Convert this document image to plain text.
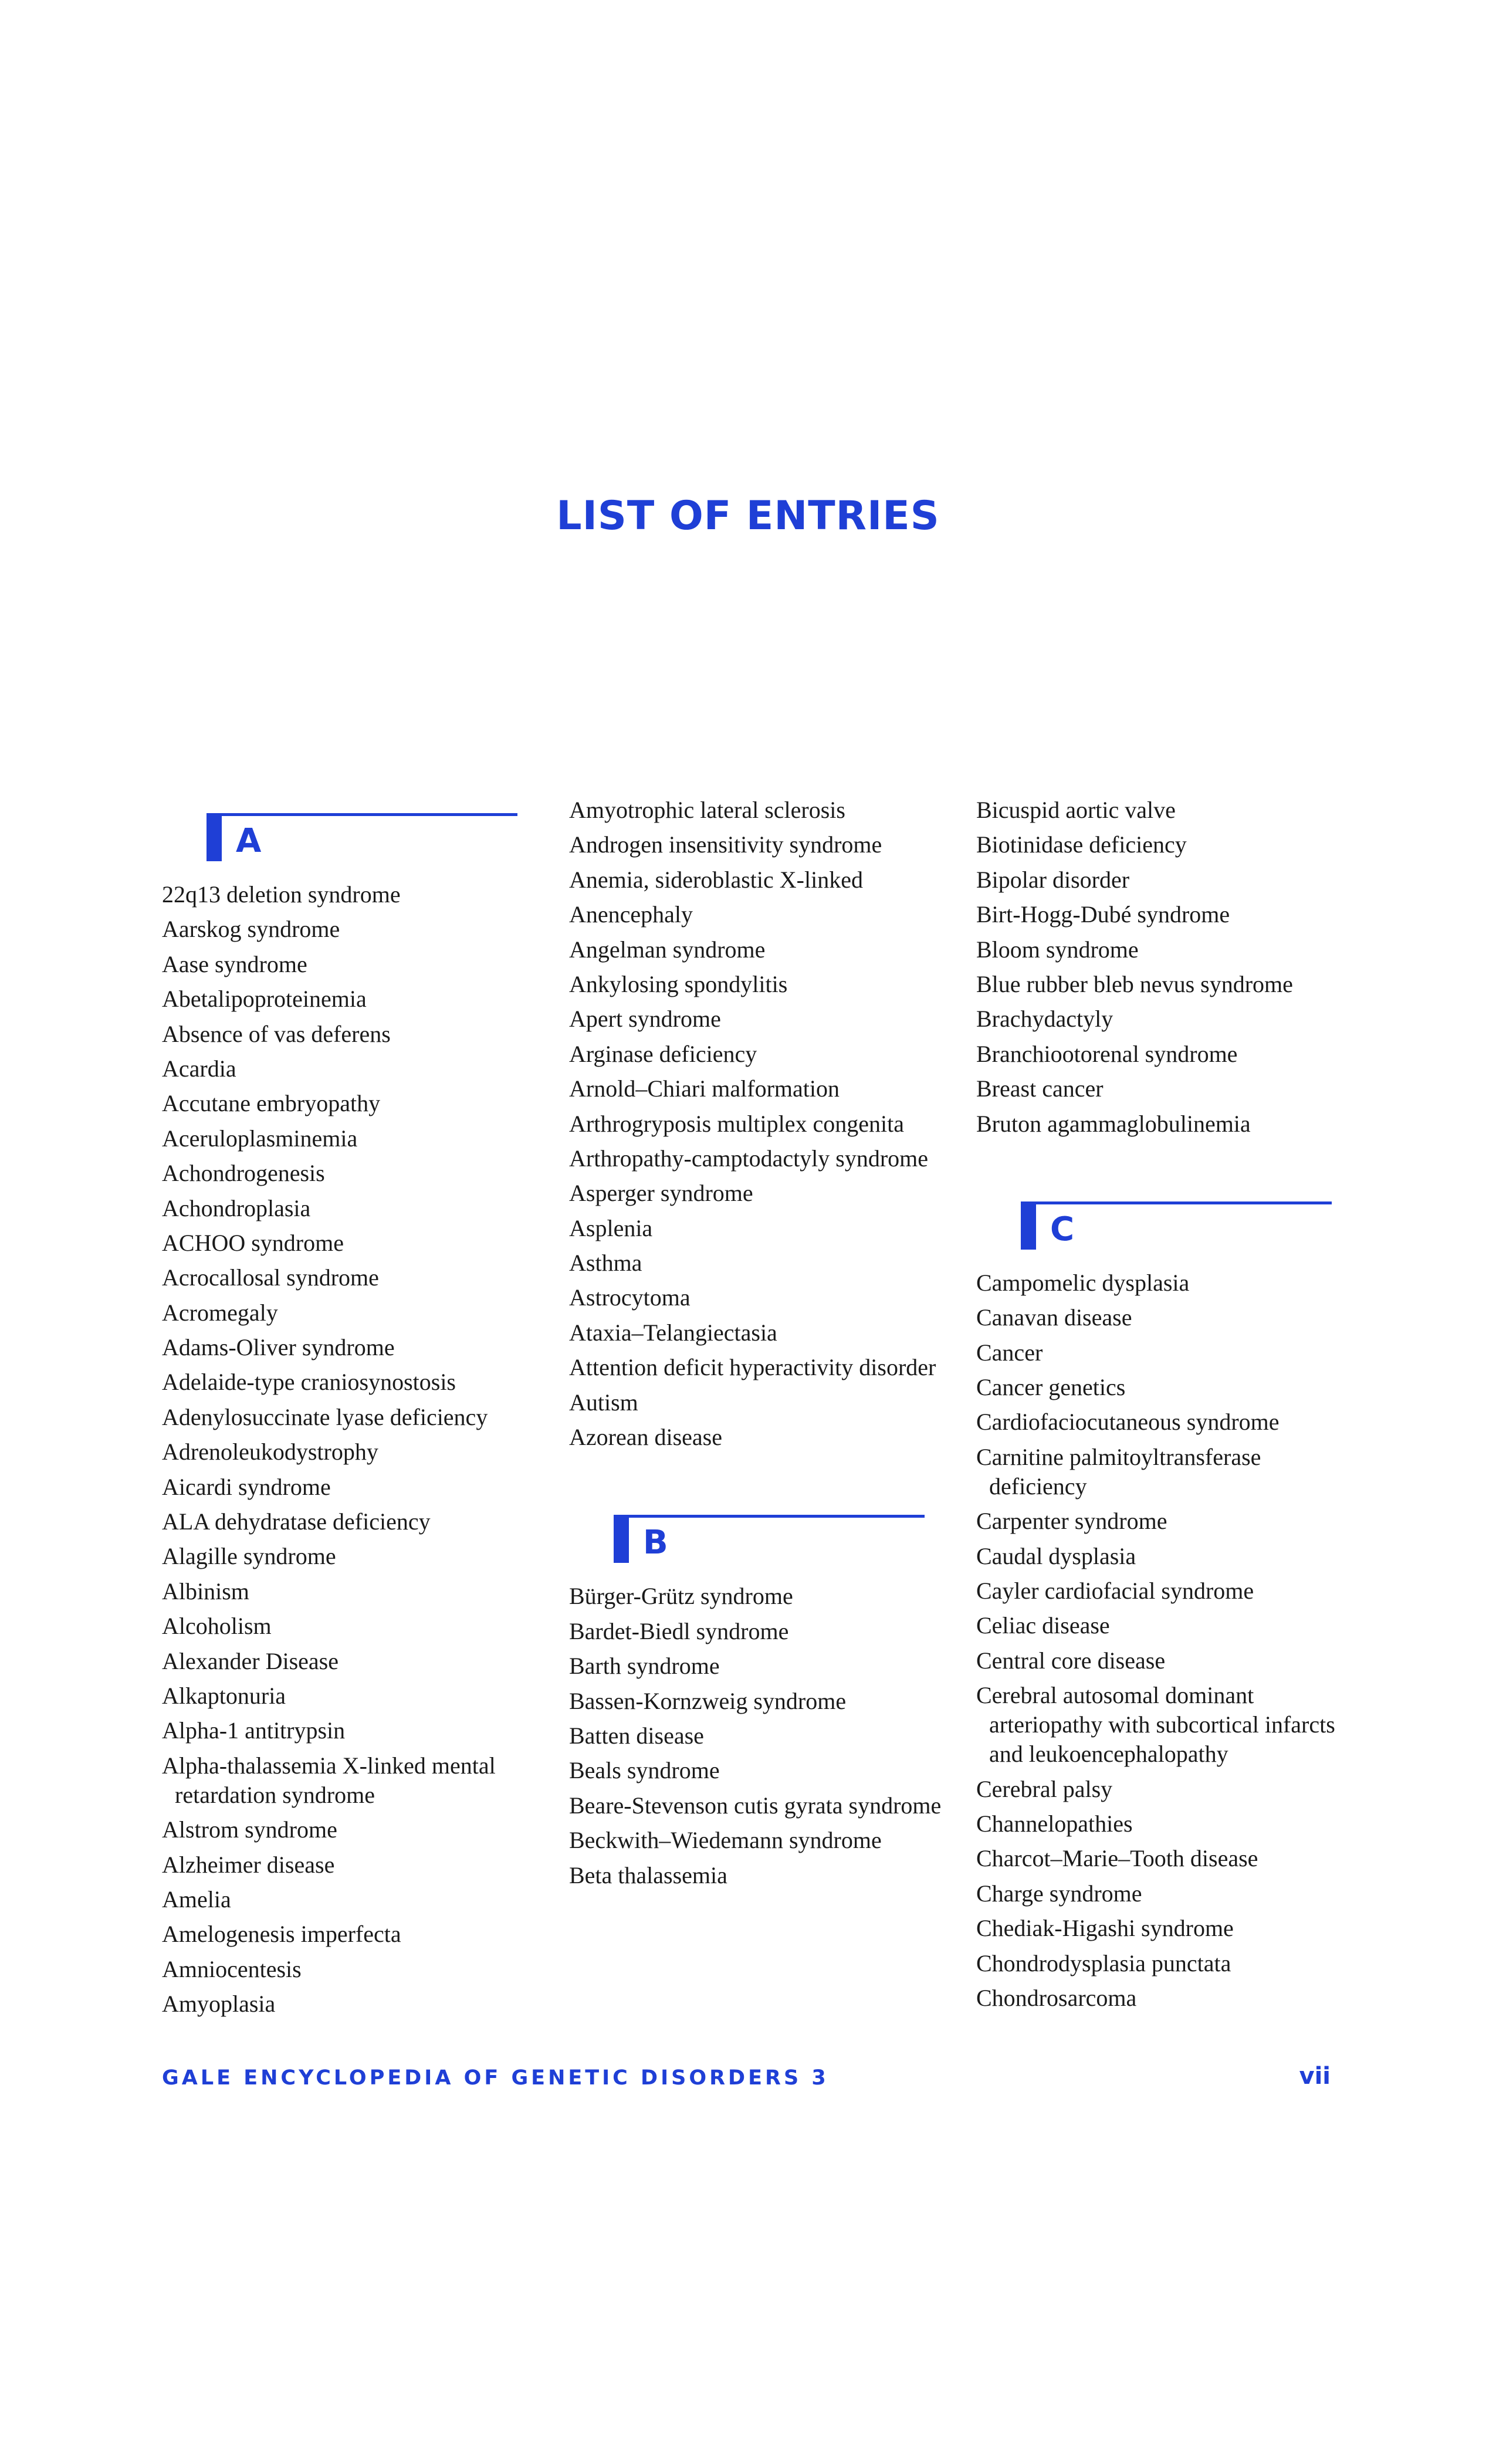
LIST OF ENTRIES
A
22q13 deletion syndrome
Aarskog syndrome
Aase syndrome
Abetalipoproteinemia
Absence of vas deferens
Acardia
Accutane embryopathy
Aceruloplasminemia
Achondrogenesis
Achondroplasia
ACHOO syndrome
Acrocallosal syndrome
Acromegaly
Adams-Oliver syndrome
Adelaide-type craniosynostosis
Adenylosuccinate lyase deficiency
Adrenoleukodystrophy
Aicardi syndrome
ALA dehydratase deficiency
Alagille syndrome
Albinism
Alcoholism
Alexander Disease
Alkaptonuria
Alpha-1 antitrypsin
Alpha-thalassemia X-linked mental retardation syndrome
Alstrom syndrome
Alzheimer disease
Amelia
Amelogenesis imperfecta
Amniocentesis
Amyoplasia
Amyotrophic lateral sclerosis
Androgen insensitivity syndrome
Anemia, sideroblastic X-linked
Anencephaly
Angelman syndrome
Ankylosing spondylitis
Apert syndrome
Arginase deficiency
Arnold–Chiari malformation
Arthrogryposis multiplex congenita
Arthropathy-camptodactyly syndrome
Asperger syndrome
Asplenia
Asthma
Astrocytoma
Ataxia–Telangiectasia
Attention deficit hyperactivity disorder
Autism
Azorean disease
B
Bürger-Grütz syndrome
Bardet-Biedl syndrome
Barth syndrome
Bassen-Kornzweig syndrome
Batten disease
Beals syndrome
Beare-Stevenson cutis gyrata syndrome
Beckwith–Wiedemann syndrome
Beta thalassemia
Bicuspid aortic valve
Biotinidase deficiency
Bipolar disorder
Birt-Hogg-Dubé syndrome
Bloom syndrome
Blue rubber bleb nevus syndrome
Brachydactyly
Branchiootorenal syndrome
Breast cancer
Bruton agammaglobulinemia
C
Campomelic dysplasia
Canavan disease
Cancer
Cancer genetics
Cardiofaciocutaneous syndrome
Carnitine palmitoyltransferase deficiency
Carpenter syndrome
Caudal dysplasia
Cayler cardiofacial syndrome
Celiac disease
Central core disease
Cerebral autosomal dominant arteriopathy with subcortical infarcts and leukoencephalopathy
Cerebral palsy
Channelopathies
Charcot–Marie–Tooth disease
Charge syndrome
Chediak-Higashi syndrome
Chondrodysplasia punctata
Chondrosarcoma
GALE ENCYCLOPEDIA OF GENETIC DISORDERS 3	vii
